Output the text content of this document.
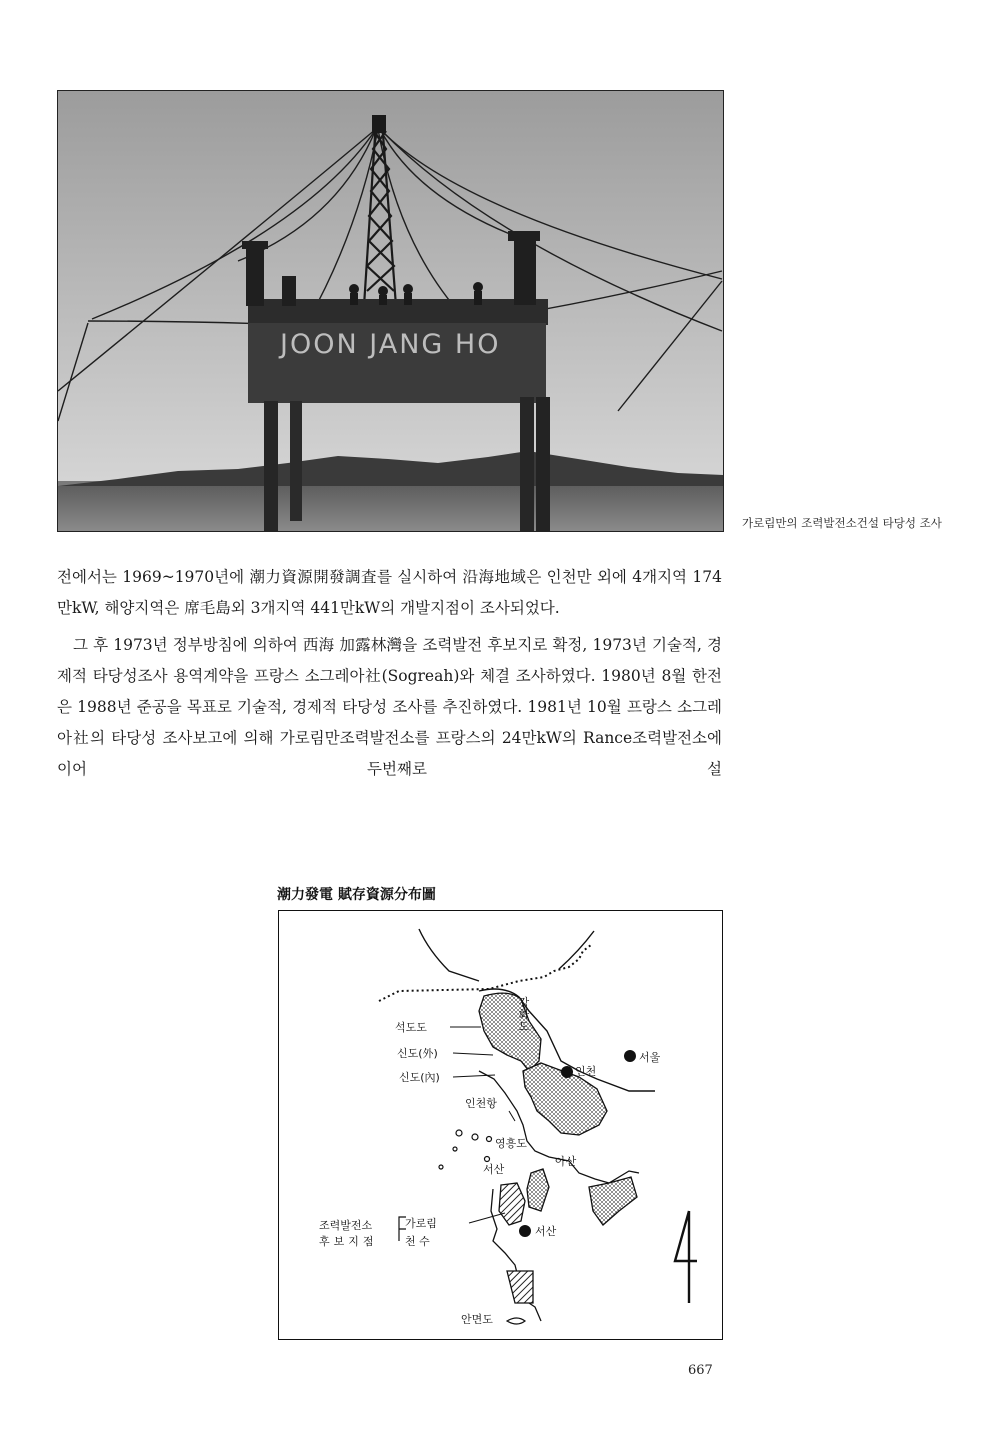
JOON JANG HO
가로림만의 조력발전소건설 타당성 조사

전에서는 1969~1970년에 潮力資源開發調査를 실시하여 沿海地域은 인천만 외에 4개지역 174만kW, 해양지역은 席毛島외 3개지역 441만kW의 개발지점이 조사되었다.

그 후 1973년 정부방침에 의하여 西海 加露林灣을 조력발전 후보지로 확정, 1973년 기술적, 경제적 타당성조사 용역계약을 프랑스 소그레아社(Sogreah)와 체결 조사하였다. 1980년 8월 한전은 1988년 준공을 목표로 기술적, 경제적 타당성 조사를 추진하였다. 1981년 10월 프랑스 소그레아社의 타당성 조사보고에 의해 가로림만조력발전소를 프랑스의 24만kW의 Rance조력발전소에 이어 두번째로 설

潮力發電 賦存資源分布圖
강화도
석도도
신도(外)
신도(內)	인천
서울
인천항
영흥도
서산
아산
조력발전소
후보지점
가로림
천 수
서산
안면도
667
